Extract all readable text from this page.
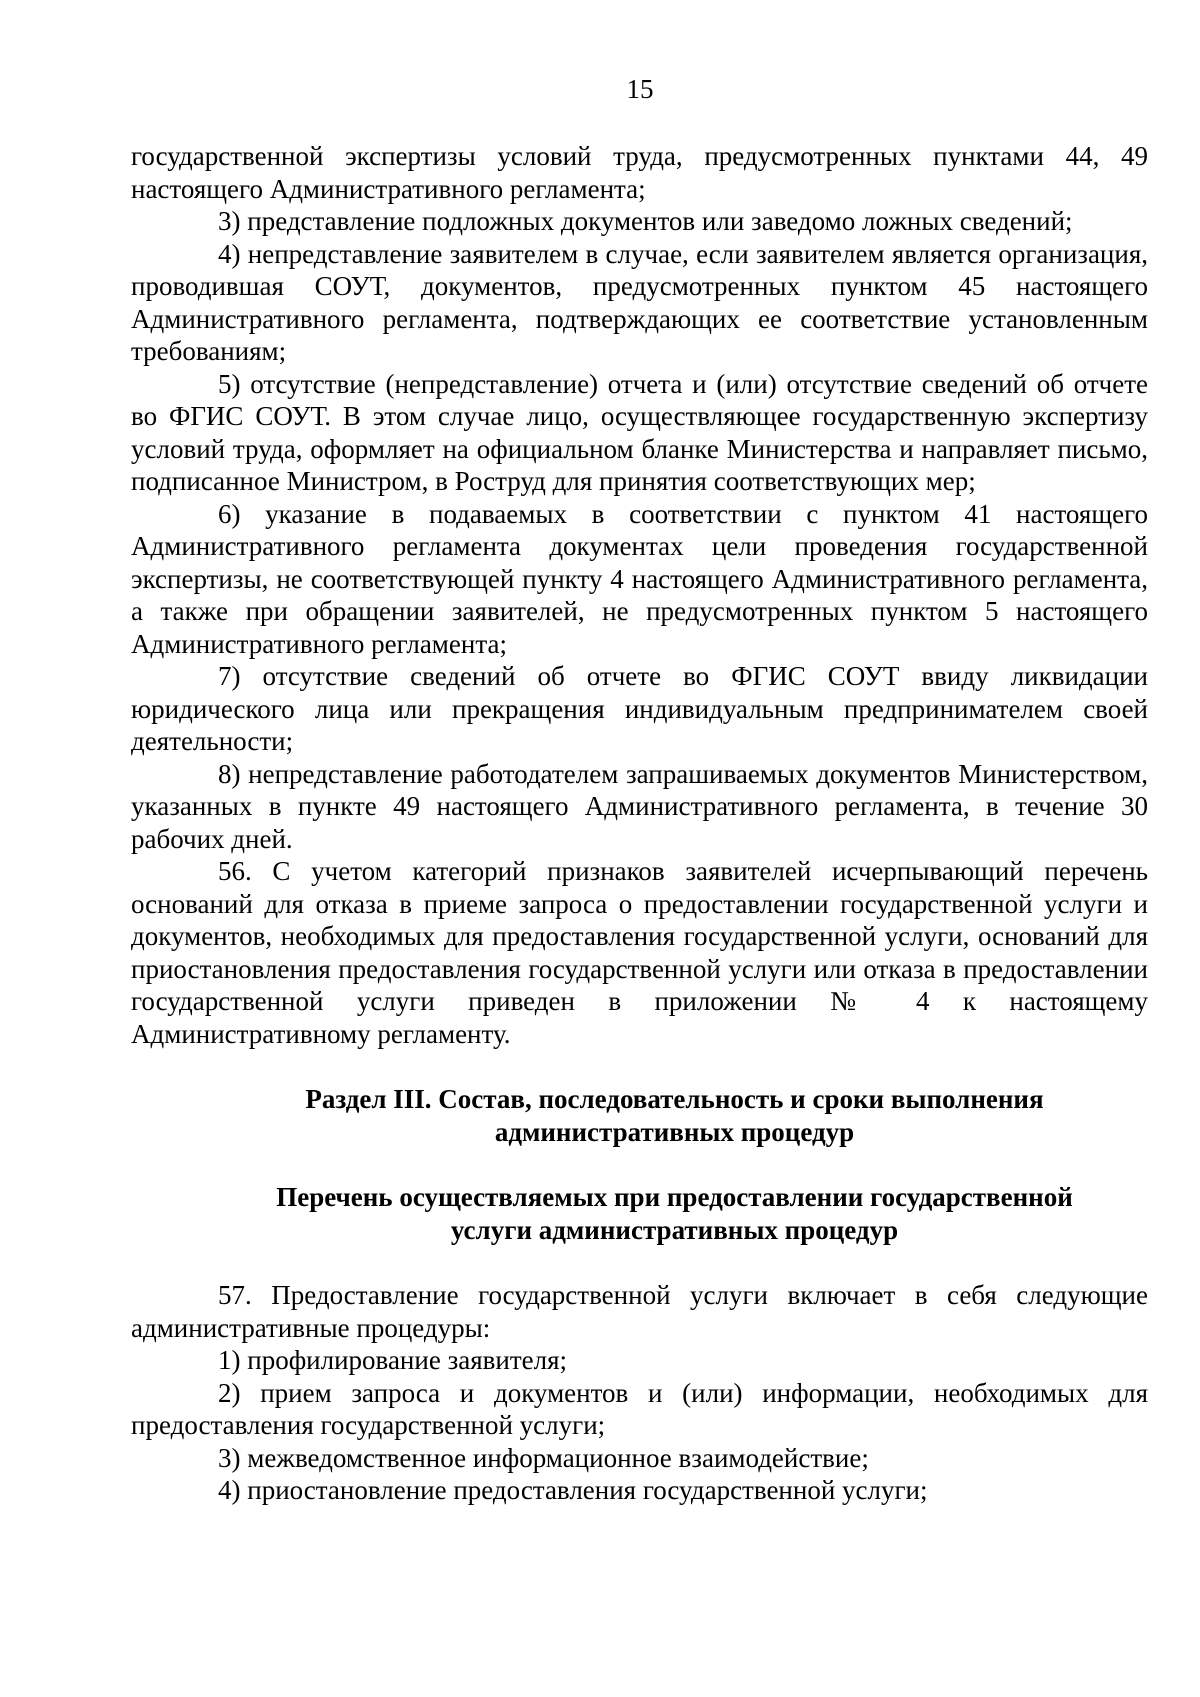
15

государственной экспертизы условий труда, предусмотренных пунктами 44, 49 настоящего Административного регламента;

3) представление подложных документов или заведомо ложных сведений;

4) непредставление заявителем в случае, если заявителем является организация, проводившая СОУТ, документов, предусмотренных пунктом 45 настоящего Административного регламента, подтверждающих ее соответствие установленным требованиям;

5) отсутствие (непредставление) отчета и (или) отсутствие сведений об отчете во ФГИС СОУТ. В этом случае лицо, осуществляющее государственную экспертизу условий труда, оформляет на официальном бланке Министерства и направляет письмо, подписанное Министром, в Роструд для принятия соответствующих мер;

6) указание в подаваемых в соответствии с пунктом 41 настоящего Административного регламента документах цели проведения государственной экспертизы, не соответствующей пункту 4 настоящего Административного регламента, а также при обращении заявителей, не предусмотренных пунктом 5 настоящего Административного регламента;

7) отсутствие сведений об отчете во ФГИС СОУТ ввиду ликвидации юридического лица или прекращения индивидуальным предпринимателем своей деятельности;

8) непредставление работодателем запрашиваемых документов Министерством, указанных в пункте 49 настоящего Административного регламента, в течение 30 рабочих дней.

56. С учетом категорий признаков заявителей исчерпывающий перечень оснований для отказа в приеме запроса о предоставлении государственной услуги и документов, необходимых для предоставления государственной услуги, оснований для приостановления предоставления государственной услуги или отказа в предоставлении государственной услуги приведен в приложении № 4 к настоящему Административному регламенту.

Раздел III. Состав, последовательность и сроки выполнения
административных процедур
Перечень осуществляемых при предоставлении государственной
услуги административных процедур

57. Предоставление государственной услуги включает в себя следующие административные процедуры:

1) профилирование заявителя;

2) прием запроса и документов и (или) информации, необходимых для предоставления государственной услуги;

3) межведомственное информационное взаимодействие;

4) приостановление предоставления государственной услуги;
